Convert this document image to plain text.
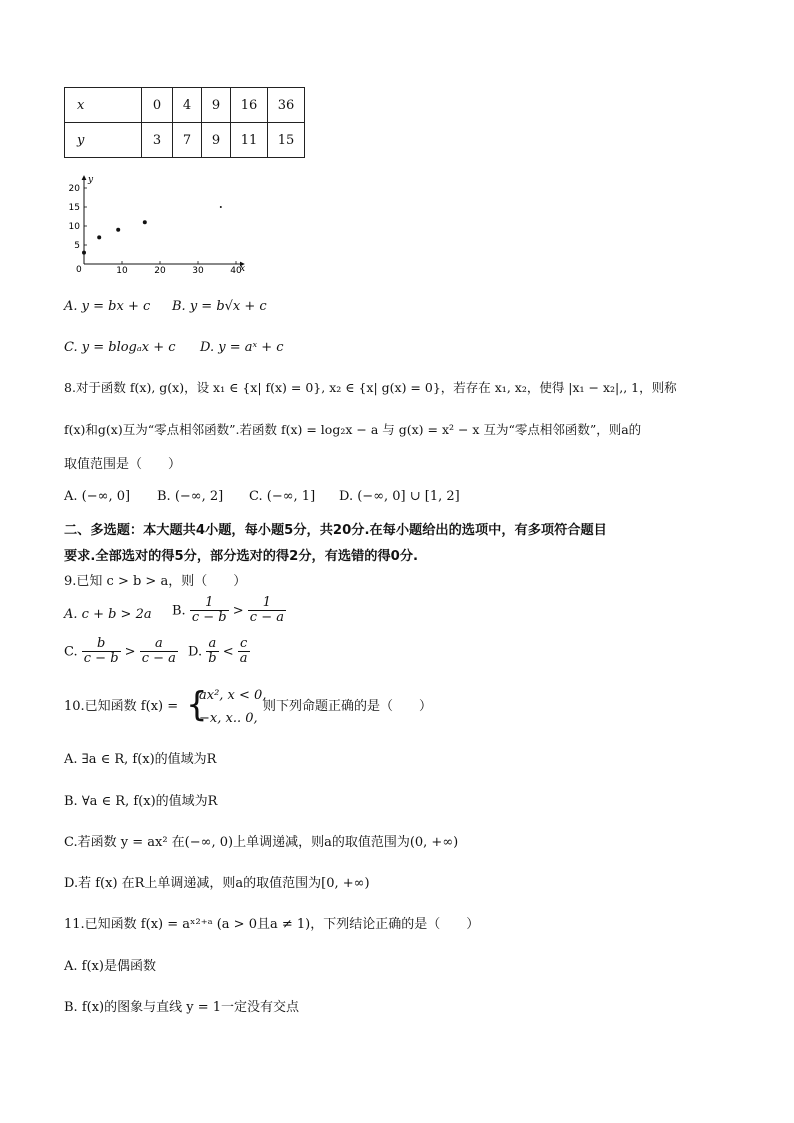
x	0	4	9	16	36
y	3	7	9	11	15
10	20	30	40
5
10
15
20
0	x
y
A. y = bx + c B. y = b√x + c
C. y = blogₐx + c D. y = aˣ + c
8.对于函数 f(x), g(x)，设 x₁ ∈ {x| f(x) = 0}, x₂ ∈ {x| g(x) = 0}，若存在 x₁, x₂，使得 |x₁ − x₂|,, 1，则称
f(x)和g(x)互为“零点相邻函数”.若函数 f(x) = log₂x − a 与 g(x) = x² − x 互为“零点相邻函数”，则a的
取值范围是（　　）
A. (−∞, 0] B. (−∞, 2] C. (−∞, 1] D. (−∞, 0] ∪ [1, 2]
二、多选题：本大题共4小题，每小题5分，共20分.在每小题给出的选项中，有多项符合题目
要求.全部选对的得5分，部分选对的得2分，有选错的得0分.
9.已知 c > b > a，则（　　）
A. c + b > 2a B. $\frac{1}{c - b} > \frac{1}{c - a}$
C. $\frac{b}{c - b} > \frac{a}{c - a} D$. $\frac{a}{b} < \frac{c}{a}$
10.已知函数 f(x) = {
ax², x < 0,
−x, x.. 0,
则下列命题正确的是（　　）
A. ∃a ∈ R, f(x)的值域为R
B. ∀a ∈ R, f(x)的值域为R
C.若函数 y = ax² 在(−∞, 0)上单调递减，则a的取值范围为(0, +∞)
D.若 f(x) 在R上单调递减，则a的取值范围为[0, +∞)
11.已知函数 f(x) = aˣ²⁺ᵃ (a > 0且a ≠ 1)，下列结论正确的是（　　）
A. f(x)是偶函数
B. f(x)的图象与直线 y = 1一定没有交点
